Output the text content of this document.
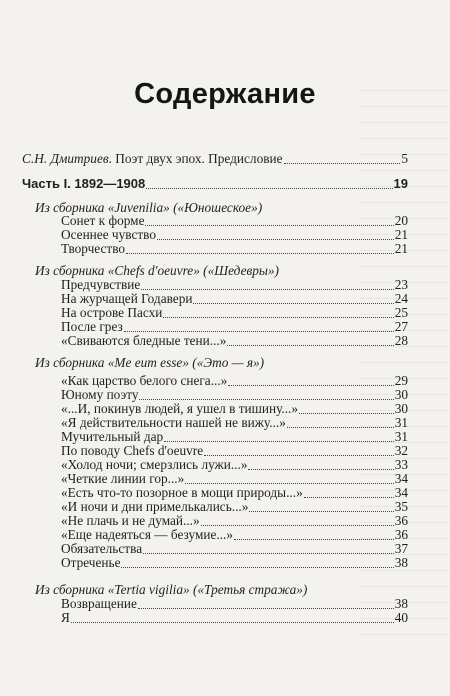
Содержание
С.Н. Дмитриев. Поэт двух эпох. Предисловие	5
Часть I. 1892—1908	19
Из сборника «Juvenilia» («Юношеское»)
Сонет к форме	20
Осеннее чувство	21
Творчество	21
Из сборника «Chefs d'oeuvre» («Шедевры»)
Предчувствие	23
На журчащей Годавери	24
На острове Пасхи	25
После грез	27
«Свиваются бледные тени...»	28
Из сборника «Me eum esse» («Это — я»)
«Как царство белого снега...»	29
Юному поэту	30
«...И, покинув людей, я ушел в тишину...»	30
«Я действительности нашей не вижу...»	31
Мучительный дар	31
По поводу Chefs d'oeuvre	32
«Холод ночи; смерзлись лужи...»	33
«Четкие линии гор...»	34
«Есть что-то позорное в мощи природы...»	34
«И ночи и дни примелькались...»	35
«Не плачь и не думай...»	36
«Еще надеяться — безумие...»	36
Обязательства	37
Отреченье	38
Из сборника «Tertia vigilia» («Третья стража»)
Возвращение	38
Я	40
